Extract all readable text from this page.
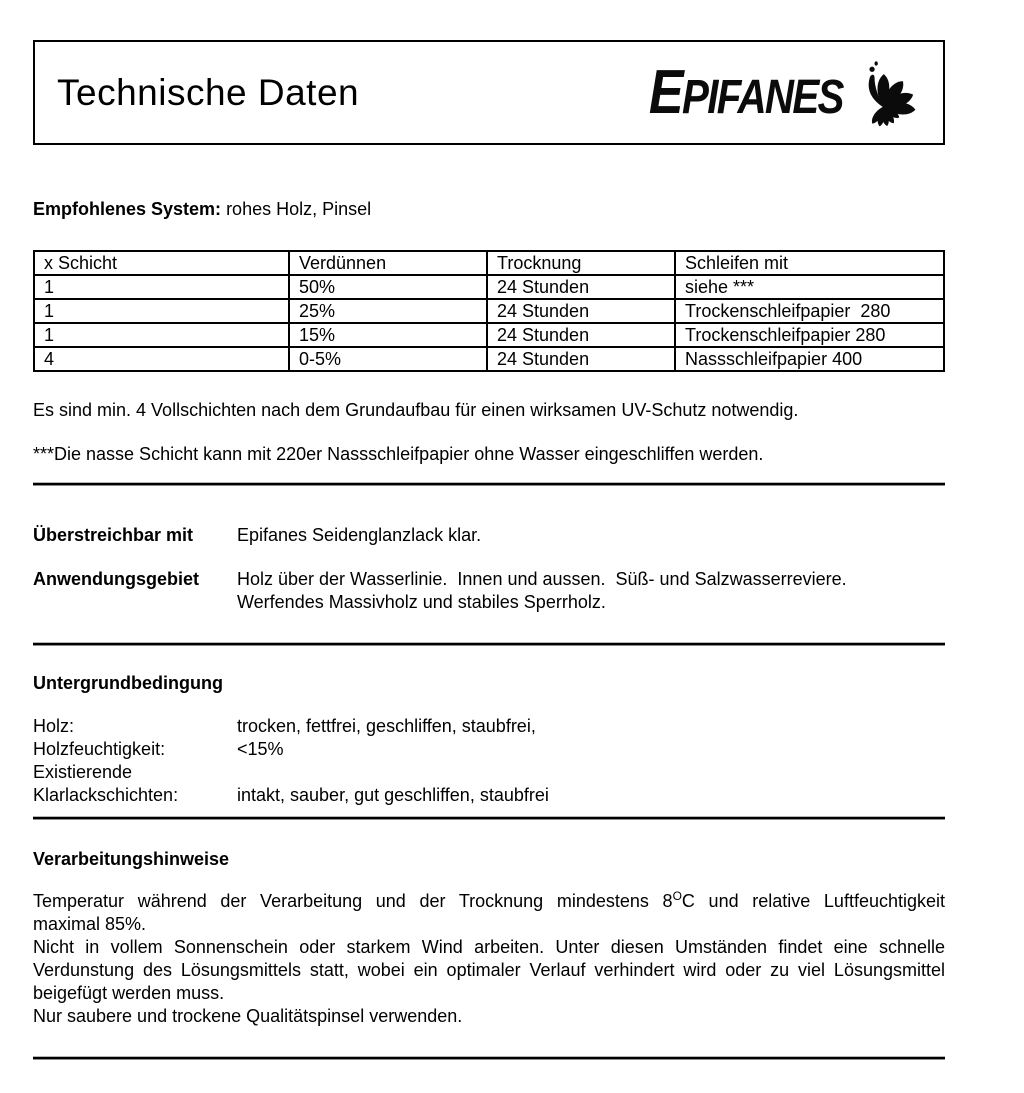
Technische Daten	EPIFANES
Empfohlenes System: rohes Holz, Pinsel
x Schicht	Verdünnen	Trocknung	Schleifen mit
1	50%	24 Stunden	siehe ***
1	25%	24 Stunden	Trockenschleifpapier  280
1	15%	24 Stunden	Trockenschleifpapier 280
4	0-5%	24 Stunden	Nassschleifpapier 400
Es sind min. 4 Vollschichten nach dem Grundaufbau für einen wirksamen UV-Schutz notwendig.
***Die nasse Schicht kann mit 220er Nassschleifpapier ohne Wasser eingeschliffen werden.
Überstreichbar mit	Epifanes Seidenglanzlack klar.
Anwendungsgebiet	Holz über der Wasserlinie.  Innen und aussen.  Süß- und Salzwasserreviere.
Werfendes Massivholz und stabiles Sperrholz.
Untergrundbedingung
Holz:	trocken, fettfrei, geschliffen, staubfrei,
Holzfeuchtigkeit:	<15%
Existierende
Klarlackschichten:	intakt, sauber, gut geschliffen, staubfrei
Verarbeitungshinweise
Temperatur während der Verarbeitung und der Trocknung mindestens $8^OC$ und relative Luftfeuchtigkeit
maximal 85%.
Nicht in vollem Sonnenschein oder starkem Wind arbeiten. Unter diesen Umständen findet eine schnelle
Verdunstung des Lösungsmittels statt, wobei ein optimaler Verlauf verhindert wird oder zu viel Lösungsmittel
beigefügt werden muss.
Nur saubere und trockene Qualitätspinsel verwenden.
